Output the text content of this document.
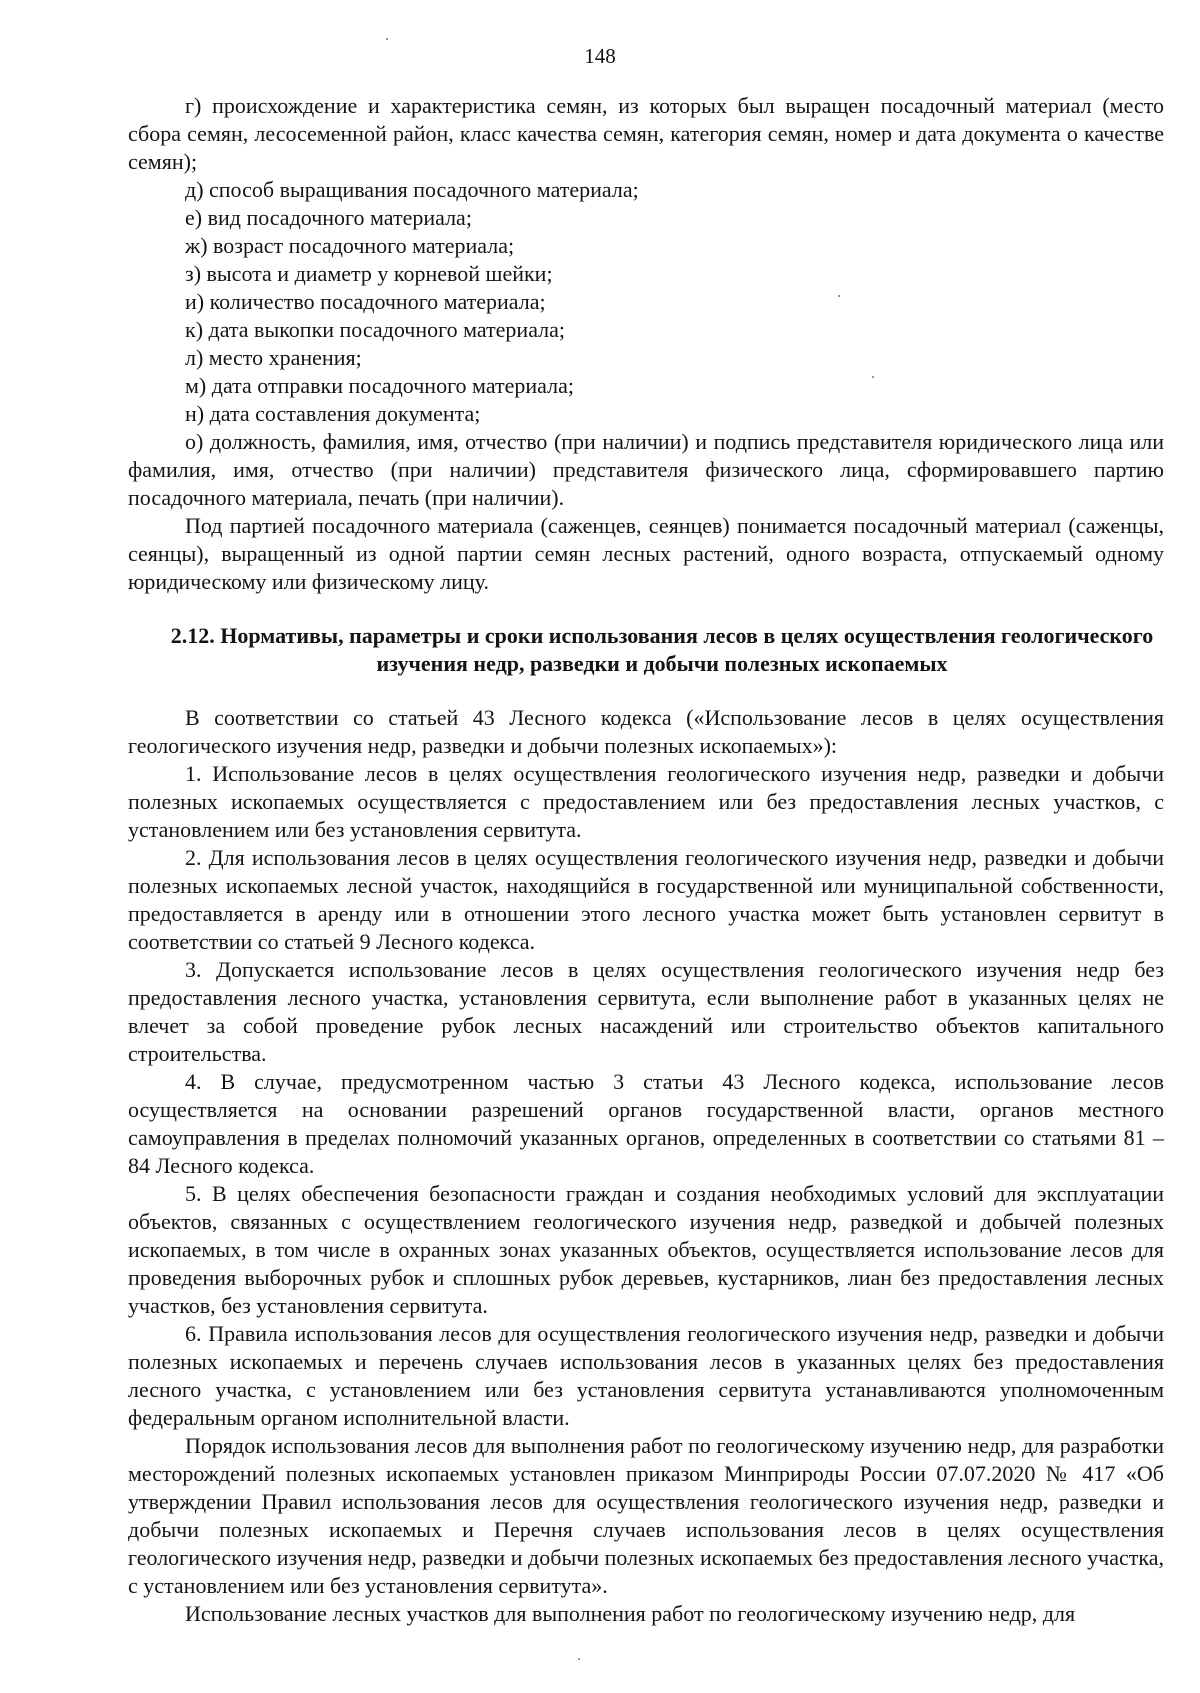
148

г) происхождение и характеристика семян, из которых был выращен посадочный материал (место сбора семян, лесосеменной район, класс качества семян, категория семян, номер и дата документа о качестве семян);

д) способ выращивания посадочного материала;

е) вид посадочного материала;

ж) возраст посадочного материала;

з) высота и диаметр у корневой шейки;

и) количество посадочного материала;

к) дата выкопки посадочного материала;

л) место хранения;

м) дата отправки посадочного материала;

н) дата составления документа;

о) должность, фамилия, имя, отчество (при наличии) и подпись представителя юридического лица или фамилия, имя, отчество (при наличии) представителя физического лица, сформировавшего партию посадочного материала, печать (при наличии).

Под партией посадочного материала (саженцев, сеянцев) понимается посадочный материал (саженцы, сеянцы), выращенный из одной партии семян лесных растений, одного возраста, отпускаемый одному юридическому или физическому лицу.

2.12. Нормативы, параметры и сроки использования лесов в целях осуществления геологического изучения недр, разведки и добычи полезных ископаемых

В соответствии со статьей 43 Лесного кодекса («Использование лесов в целях осуществления геологического изучения недр, разведки и добычи полезных ископаемых»):

1. Использование лесов в целях осуществления геологического изучения недр, разведки и добычи полезных ископаемых осуществляется с предоставлением или без предоставления лесных участков, с установлением или без установления сервитута.

2. Для использования лесов в целях осуществления геологического изучения недр, разведки и добычи полезных ископаемых лесной участок, находящийся в государственной или муниципальной собственности, предоставляется в аренду или в отношении этого лесного участка может быть установлен сервитут в соответствии со статьей 9 Лесного кодекса.

3. Допускается использование лесов в целях осуществления геологического изучения недр без предоставления лесного участка, установления сервитута, если выполнение работ в указанных целях не влечет за собой проведение рубок лесных насаждений или строительство объектов капитального строительства.

4. В случае, предусмотренном частью 3 статьи 43 Лесного кодекса, использование лесов осуществляется на основании разрешений органов государственной власти, органов местного самоуправления в пределах полномочий указанных органов, определенных в соответствии со статьями 81 – 84 Лесного кодекса.

5. В целях обеспечения безопасности граждан и создания необходимых условий для эксплуатации объектов, связанных с осуществлением геологического изучения недр, разведкой и добычей полезных ископаемых, в том числе в охранных зонах указанных объектов, осуществляется использование лесов для проведения выборочных рубок и сплошных рубок деревьев, кустарников, лиан без предоставления лесных участков, без установления сервитута.

6. Правила использования лесов для осуществления геологического изучения недр, разведки и добычи полезных ископаемых и перечень случаев использования лесов в указанных целях без предоставления лесного участка, с установлением или без установления сервитута устанавливаются уполномоченным федеральным органом исполнительной власти.

Порядок использования лесов для выполнения работ по геологическому изучению недр, для разработки месторождений полезных ископаемых установлен приказом Минприроды России 07.07.2020 № 417 «Об утверждении Правил использования лесов для осуществления геологического изучения недр, разведки и добычи полезных ископаемых и Перечня случаев использования лесов в целях осуществления геологического изучения недр, разведки и добычи полезных ископаемых без предоставления лесного участка, с установлением или без установления сервитута».

Использование лесных участков для выполнения работ по геологическому изучению недр, для
